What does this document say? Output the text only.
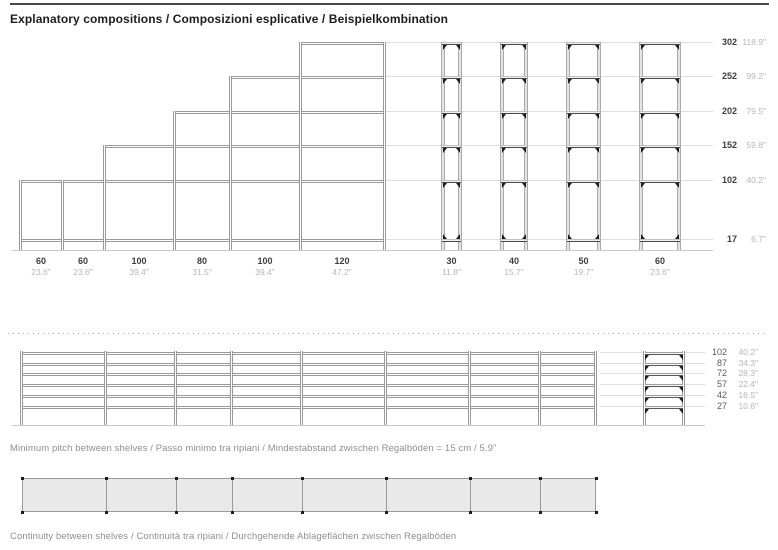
Explanatory compositions / Composizioni esplicative / Beispielkombination
60
23.6"
60
23.6"
100
39.4"
80
31.5"
100
39.4"
120
47.2"
30
11.8"
40
15.7"
50
19.7"
60
23.6"
302 118.9"
252	99.2"
202	79.5"
152	59.8"
102	40.2"
17	6.7"
102	40.2"
87	34.3"
72	28.3"
57	22.4"
42	16.5"
27	10.6"
Minimum pitch between shelves / Passo minimo tra ripiani / Mindestabstand zwischen Regalböden = 15 cm / 5.9"
Continuity between shelves / Continuità tra ripiani / Durchgehende Ablageflächen zwischen Regalböden
